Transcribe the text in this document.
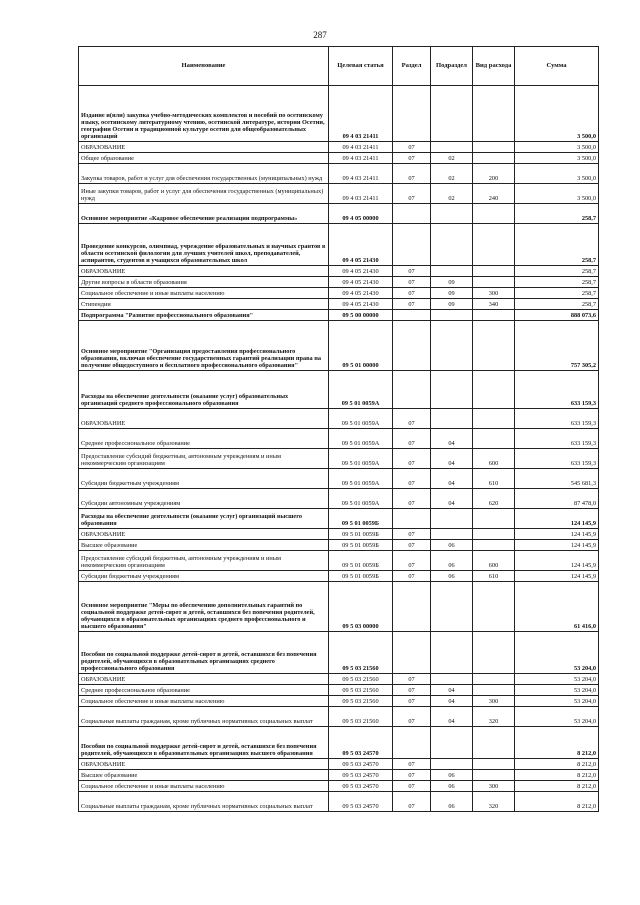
287
Наименование	Целевая статья	Раздел	Подраздел	Вид расхода	Сумма
Издание и(или) закупка учебно-методических комплектов и пособий по осетинскому языку, осетинскому литературному чтению, осетинской литературе, истории Осетии, географии Осетии и традиционной культуре осетин для общеобразовательных организаций	09 4 03 21411				3 500,0
ОБРАЗОВАНИЕ	09 4 03 21411	07			3 500,0
Общее образование	09 4 03 21411	07	02		3 500,0
Закупка товаров, работ и услуг для обеспечения государственных (муниципальных) нужд	09 4 03 21411	07	02	200	3 500,0
Иные закупки товаров, работ и услуг для обеспечения государственных (муниципальных) нужд	09 4 03 21411	07	02	240	3 500,0
Основное мероприятие «Кадровое обеспечение реализации подпрограммы»	09 4 05 00000				258,7
Проведение конкурсов, олимпиад, учреждение образовательных и научных грантов в области осетинской филологии для лучших учителей школ, преподавателей, аспирантов, студентов и учащихся образовательных школ	09 4 05 21430				258,7
ОБРАЗОВАНИЕ	09 4 05 21430	07			258,7
Другие вопросы в области образования	09 4 05 21430	07	09		258,7
Социальное обеспечение и иные выплаты населению	09 4 05 21430	07	09	300	258,7
Стипендии	09 4 05 21430	07	09	340	258,7
Подпрограмма "Развитие профессионального образования"	09 5 00 00000				888 073,6
Основное мероприятие "Организация предоставления профессионального образования, включая обеспечение государственных гарантий реализации права на получение общедоступного и бесплатного профессионального образования"	09 5 01 00000				757 305,2
Расходы на обеспечение деятельности (оказание услуг) образовательных организаций среднего профессионального образования	09 5 01 0059А				633 159,3
ОБРАЗОВАНИЕ	09 5 01 0059А	07			633 159,3
Среднее профессиональное образование	09 5 01 0059А	07	04		633 159,3
Предоставление субсидий бюджетным, автономным учреждениям и иным некоммерческим организациям	09 5 01 0059А	07	04	600	633 159,3
Субсидии бюджетным учреждениям	09 5 01 0059А	07	04	610	545 681,3
Субсидии автономным учреждениям	09 5 01 0059А	07	04	620	87 478,0
Расходы на обеспечение деятельности (оказание услуг) организаций высшего образования	09 5 01 0059Б				124 145,9
ОБРАЗОВАНИЕ	09 5 01 0059Б	07			124 145,9
Высшее образование	09 5 01 0059Б	07	06		124 145,9
Предоставление субсидий бюджетным, автономным учреждениям и иным некоммерческим организациям	09 5 01 0059Б	07	06	600	124 145,9
Субсидии бюджетным учреждениям	09 5 01 0059Б	07	06	610	124 145,9
Основное мероприятие "Меры по обеспечению дополнительных гарантий по социальной поддержке детей-сирот и детей, оставшихся без попечения родителей, обучающихся в образовательных организациях среднего профессионального и высшего образования"	09 5 03 00000				61 416,0
Пособия по социальной поддержке детей-сирот и детей, оставшихся без попечения родителей, обучающихся в образовательных организациях среднего профессионального образования	09 5 03 21560				53 204,0
ОБРАЗОВАНИЕ	09 5 03 21560	07			53 204,0
Среднее профессиональное образование	09 5 03 21560	07	04		53 204,0
Социальное обеспечение и иные выплаты населению	09 5 03 21560	07	04	300	53 204,0
Социальные выплаты гражданам, кроме публичных нормативных социальных выплат	09 5 03 21560	07	04	320	53 204,0
Пособия по социальной поддержке детей-сирот и детей, оставшихся без попечения родителей, обучающихся в образовательных организациях высшего образования	09 5 03 24570				8 212,0
ОБРАЗОВАНИЕ	09 5 03 24570	07			8 212,0
Высшее образование	09 5 03 24570	07	06		8 212,0
Социальное обеспечение и иные выплаты населению	09 5 03 24570	07	06	300	8 212,0
Социальные выплаты гражданам, кроме публичных нормативных социальных выплат	09 5 03 24570	07	06	320	8 212,0
